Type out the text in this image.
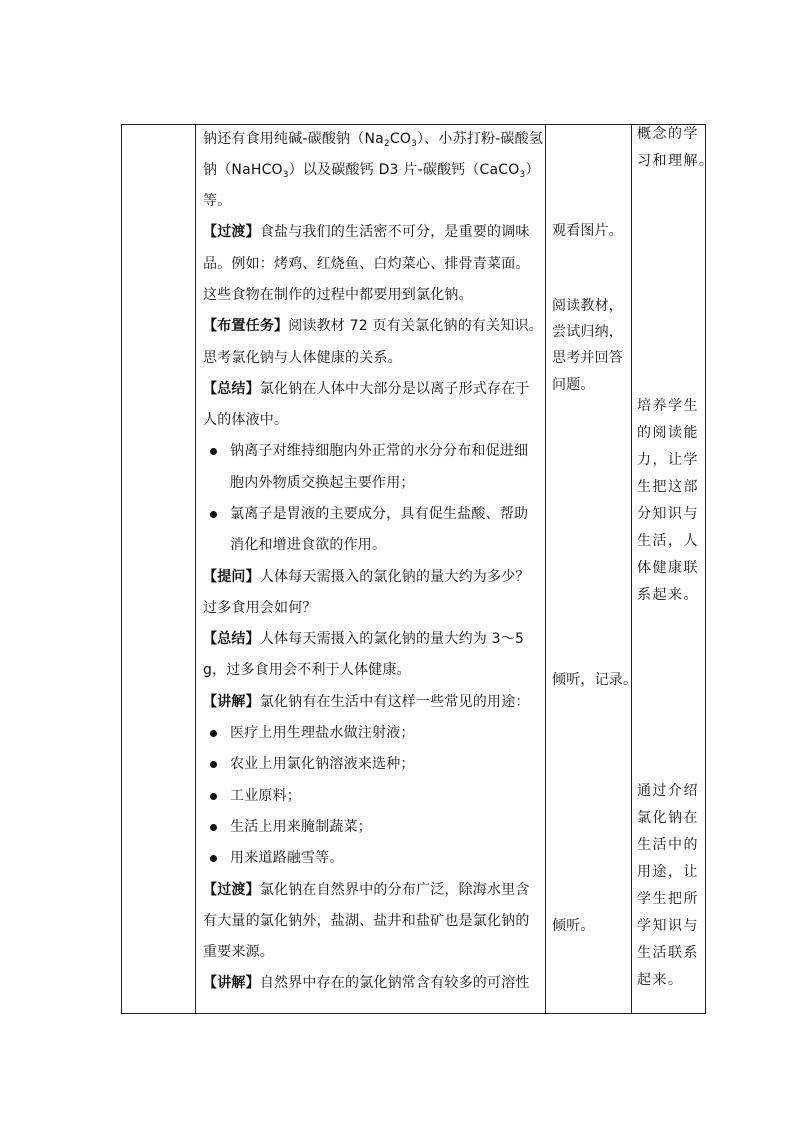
钠还有食用纯碱-碳酸钠$(Na_2CO_3)$、小苏打粉-碳酸氢
钠（NaHCO$_3$）以及碳酸钙 D3 片-碳酸钙（CaCO$_3$）
等。
【过渡】食盐与我们的生活密不可分，是重要的调味
品。例如：烤鸡、红烧鱼、白灼菜心、排骨青菜面。
这些食物在制作的过程中都要用到氯化钠。
【布置任务】阅读教材 72 页有关氯化钠的有关知识。
思考氯化钠与人体健康的关系。
【总结】氯化钠在人体中大部分是以离子形式存在于
人的体液中。
钠离子对维持细胞内外正常的水分分布和促进细
胞内外物质交换起主要作用；
氯离子是胃液的主要成分，具有促生盐酸、帮助
消化和增进食欲的作用。
【提问】人体每天需摄入的氯化钠的量大约为多少？
过多食用会如何？
【总结】人体每天需摄入的氯化钠的量大约为 3～5
g，过多食用会不利于人体健康。
【讲解】氯化钠有在生活中有这样一些常见的用途：
医疗上用生理盐水做注射液；
农业上用氯化钠溶液来选种；
工业原料；
生活上用来腌制蔬菜；
用来道路融雪等。
【过渡】氯化钠在自然界中的分布广泛，除海水里含
有大量的氯化钠外，盐湖、盐井和盐矿也是氯化钠的
重要来源。
【讲解】自然界中存在的氯化钠常含有较多的可溶性
观看图片。
阅读教材，
尝试归纳，
思考并回答
问题。
倾听，记录。
倾听。
概念的学
习和理解。
培养学生
的阅读能
力，让学
生把这部
分知识与
生活，人
体健康联
系起来。
通过介绍
氯化钠在
生活中的
用途，让
学生把所
学知识与
生活联系
起来。
